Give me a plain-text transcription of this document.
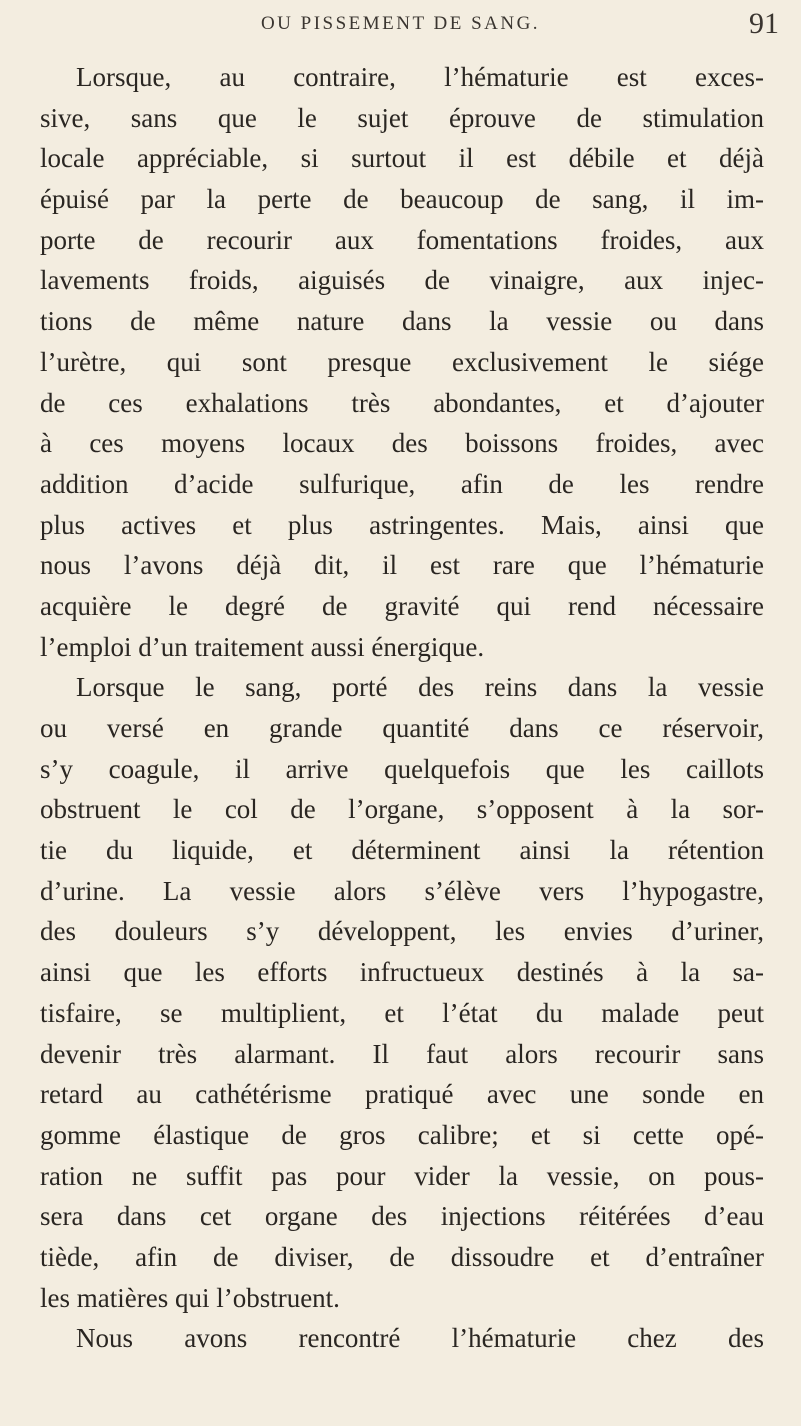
OU PISSEMENT DE SANG.	91
Lorsque, au contraire, l’hématurie est exces-
sive, sans que le sujet éprouve de stimulation
locale appréciable, si surtout il est débile et déjà
épuisé par la perte de beaucoup de sang, il im-
porte de recourir aux fomentations froides, aux
lavements froids, aiguisés de vinaigre, aux injec-
tions de même nature dans la vessie ou dans
l’urètre, qui sont presque exclusivement le siége
de ces exhalations très abondantes, et d’ajouter
à ces moyens locaux des boissons froides, avec
addition d’acide sulfurique, afin de les rendre
plus actives et plus astringentes. Mais, ainsi que
nous l’avons déjà dit, il est rare que l’hématurie
acquière le degré de gravité qui rend nécessaire
l’emploi d’un traitement aussi énergique.
Lorsque le sang, porté des reins dans la vessie
ou versé en grande quantité dans ce réservoir,
s’y coagule, il arrive quelquefois que les caillots
obstruent le col de l’organe, s’opposent à la sor-
tie du liquide, et déterminent ainsi la rétention
d’urine. La vessie alors s’élève vers l’hypogastre,
des douleurs s’y développent, les envies d’uriner,
ainsi que les efforts infructueux destinés à la sa-
tisfaire, se multiplient, et l’état du malade peut
devenir très alarmant. Il faut alors recourir sans
retard au cathétérisme pratiqué avec une sonde en
gomme élastique de gros calibre; et si cette opé-
ration ne suffit pas pour vider la vessie, on pous-
sera dans cet organe des injections réitérées d’eau
tiède, afin de diviser, de dissoudre et d’entraîner
les matières qui l’obstruent.
Nous avons rencontré l’hématurie chez des
